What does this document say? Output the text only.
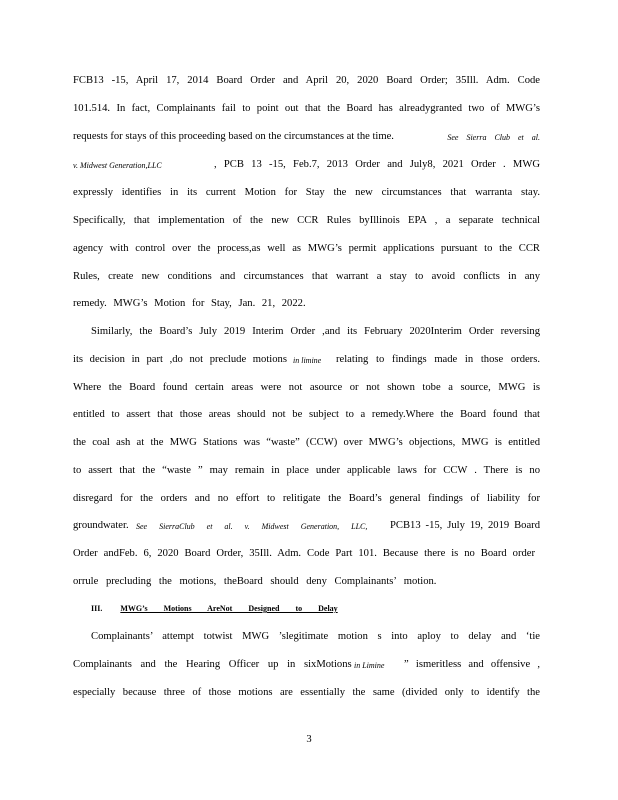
FCB13 -15, April 17, 2014 Board Order and April 20, 2020 Board Order; 35Ill. Adm. Code
101.514. In fact, Complainants fail to point out that the Board has alreadygranted two of MWG’s
requests for stays of this proceeding based on the circumstances at the time.	See Sierra Club et al.
v. Midwest Generation,LLC	, PCB 13 -15, Feb.7, 2013 Order and July8, 2021 Order . MWG
expressly identifies in its current Motion for Stay the new circumstances that warranta stay.
Specifically, that implementation of the new CCR Rules byIllinois EPA , a separate technical
agency with control over the process,as well as MWG’s permit applications pursuant to the CCR
Rules, create new conditions and circumstances that warrant a stay to avoid conflicts in any
remedy. MWG’s Motion for Stay, Jan. 21, 2022.
Similarly, the Board’s July 2019 Interim Order ,and its February 2020Interim Order reversing
its decision in part ,do not preclude motions in limine relating to findings made in those orders.
Where the Board found certain areas were not asource or not shown tobe a source, MWG is
entitled to assert that those areas should not be subject to a remedy.Where the Board found that
the coal ash at the MWG Stations was “waste” (CCW) over MWG’s objections, MWG is entitled
to assert that the “waste ” may remain in place under applicable laws for CCW . There is no
disregard for the orders and no effort to relitigate the Board’s general findings of liability for
groundwater. See SierraClub et al. v. Midwest Generation, LLC,	PCB13 -15, July 19, 2019 Board
Order andFeb. 6, 2020 Board Order, 35Ill. Adm. Code Part 101. Because there is no Board order
orrule precluding the motions, theBoard should deny Complainants’ motion.
III. MWG’s Motions AreNot Designed to Delay
Complainants’ attempt totwist MWG ’slegitimate motion s into aploy to delay and ‘tie
Complainants and the Hearing Officer up in sixMotions in Limine ” ismeritless and offensive ,
especially because three of those motions are essentially the same (divided only to identify the
3
